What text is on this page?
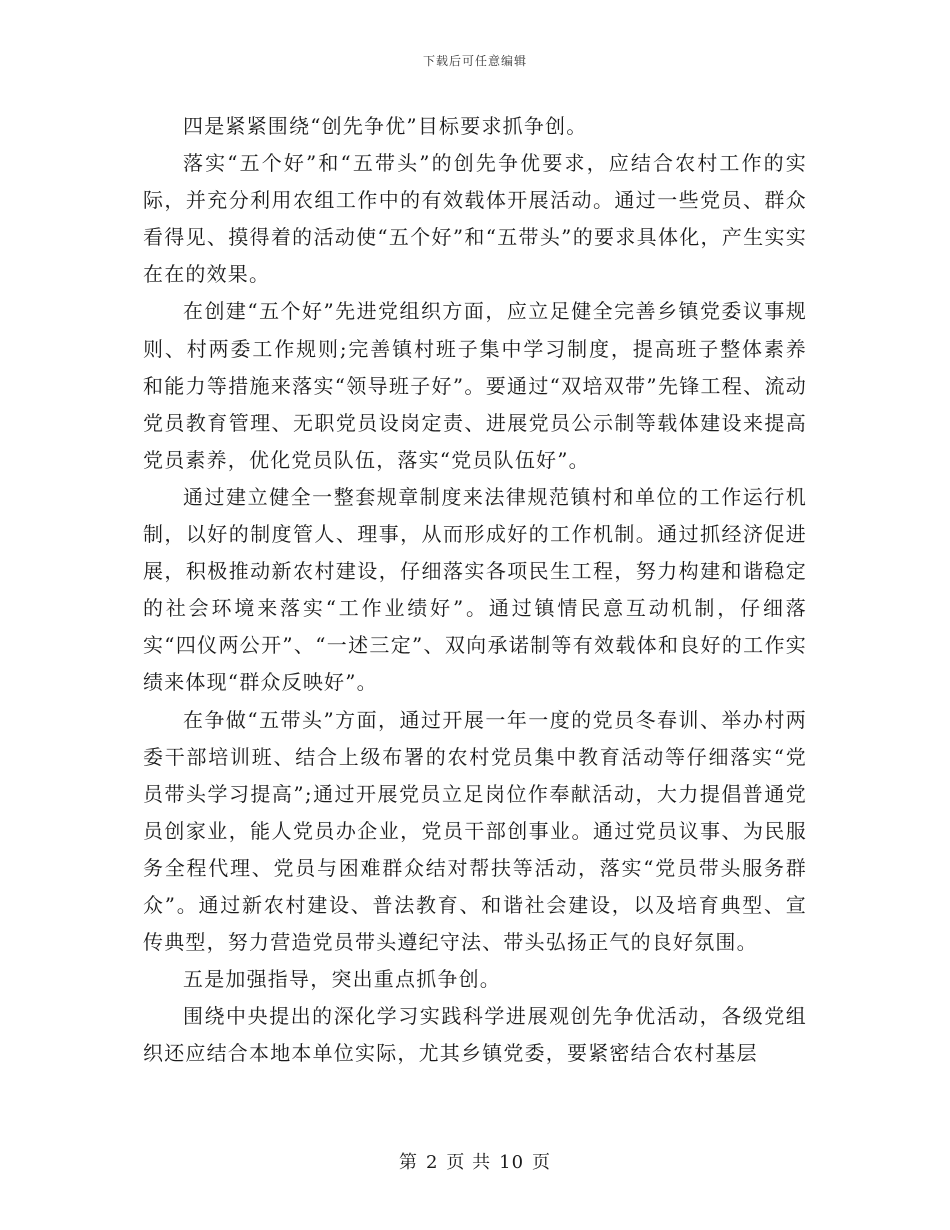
下载后可任意编辑

四是紧紧围绕“创先争优”目标要求抓争创。

落实“五个好”和“五带头”的创先争优要求，应结合农村工作的实际，并充分利用农组工作中的有效载体开展活动。通过一些党员、群众看得见、摸得着的活动使“五个好”和“五带头”的要求具体化，产生实实在在的效果。

在创建“五个好”先进党组织方面，应立足健全完善乡镇党委议事规则、村两委工作规则;完善镇村班子集中学习制度，提高班子整体素养和能力等措施来落实“领导班子好”。要通过“双培双带”先锋工程、流动党员教育管理、无职党员设岗定责、进展党员公示制等载体建设来提高党员素养，优化党员队伍，落实“党员队伍好”。

通过建立健全一整套规章制度来法律规范镇村和单位的工作运行机制，以好的制度管人、理事，从而形成好的工作机制。通过抓经济促进展，积极推动新农村建设，仔细落实各项民生工程，努力构建和谐稳定的社会环境来落实“工作业绩好”。通过镇情民意互动机制，仔细落实“四仪两公开”、“一述三定”、双向承诺制等有效载体和良好的工作实绩来体现“群众反映好”。

在争做“五带头”方面，通过开展一年一度的党员冬春训、举办村两委干部培训班、结合上级布署的农村党员集中教育活动等仔细落实“党员带头学习提高”;通过开展党员立足岗位作奉献活动，大力提倡普通党员创家业，能人党员办企业，党员干部创事业。通过党员议事、为民服务全程代理、党员与困难群众结对帮扶等活动，落实“党员带头服务群众”。通过新农村建设、普法教育、和谐社会建设，以及培育典型、宣传典型，努力营造党员带头遵纪守法、带头弘扬正气的良好氛围。

五是加强指导，突出重点抓争创。

围绕中央提出的深化学习实践科学进展观创先争优活动，各级党组织还应结合本地本单位实际，尤其乡镇党委，要紧密结合农村基层

第 2 页 共 10 页
